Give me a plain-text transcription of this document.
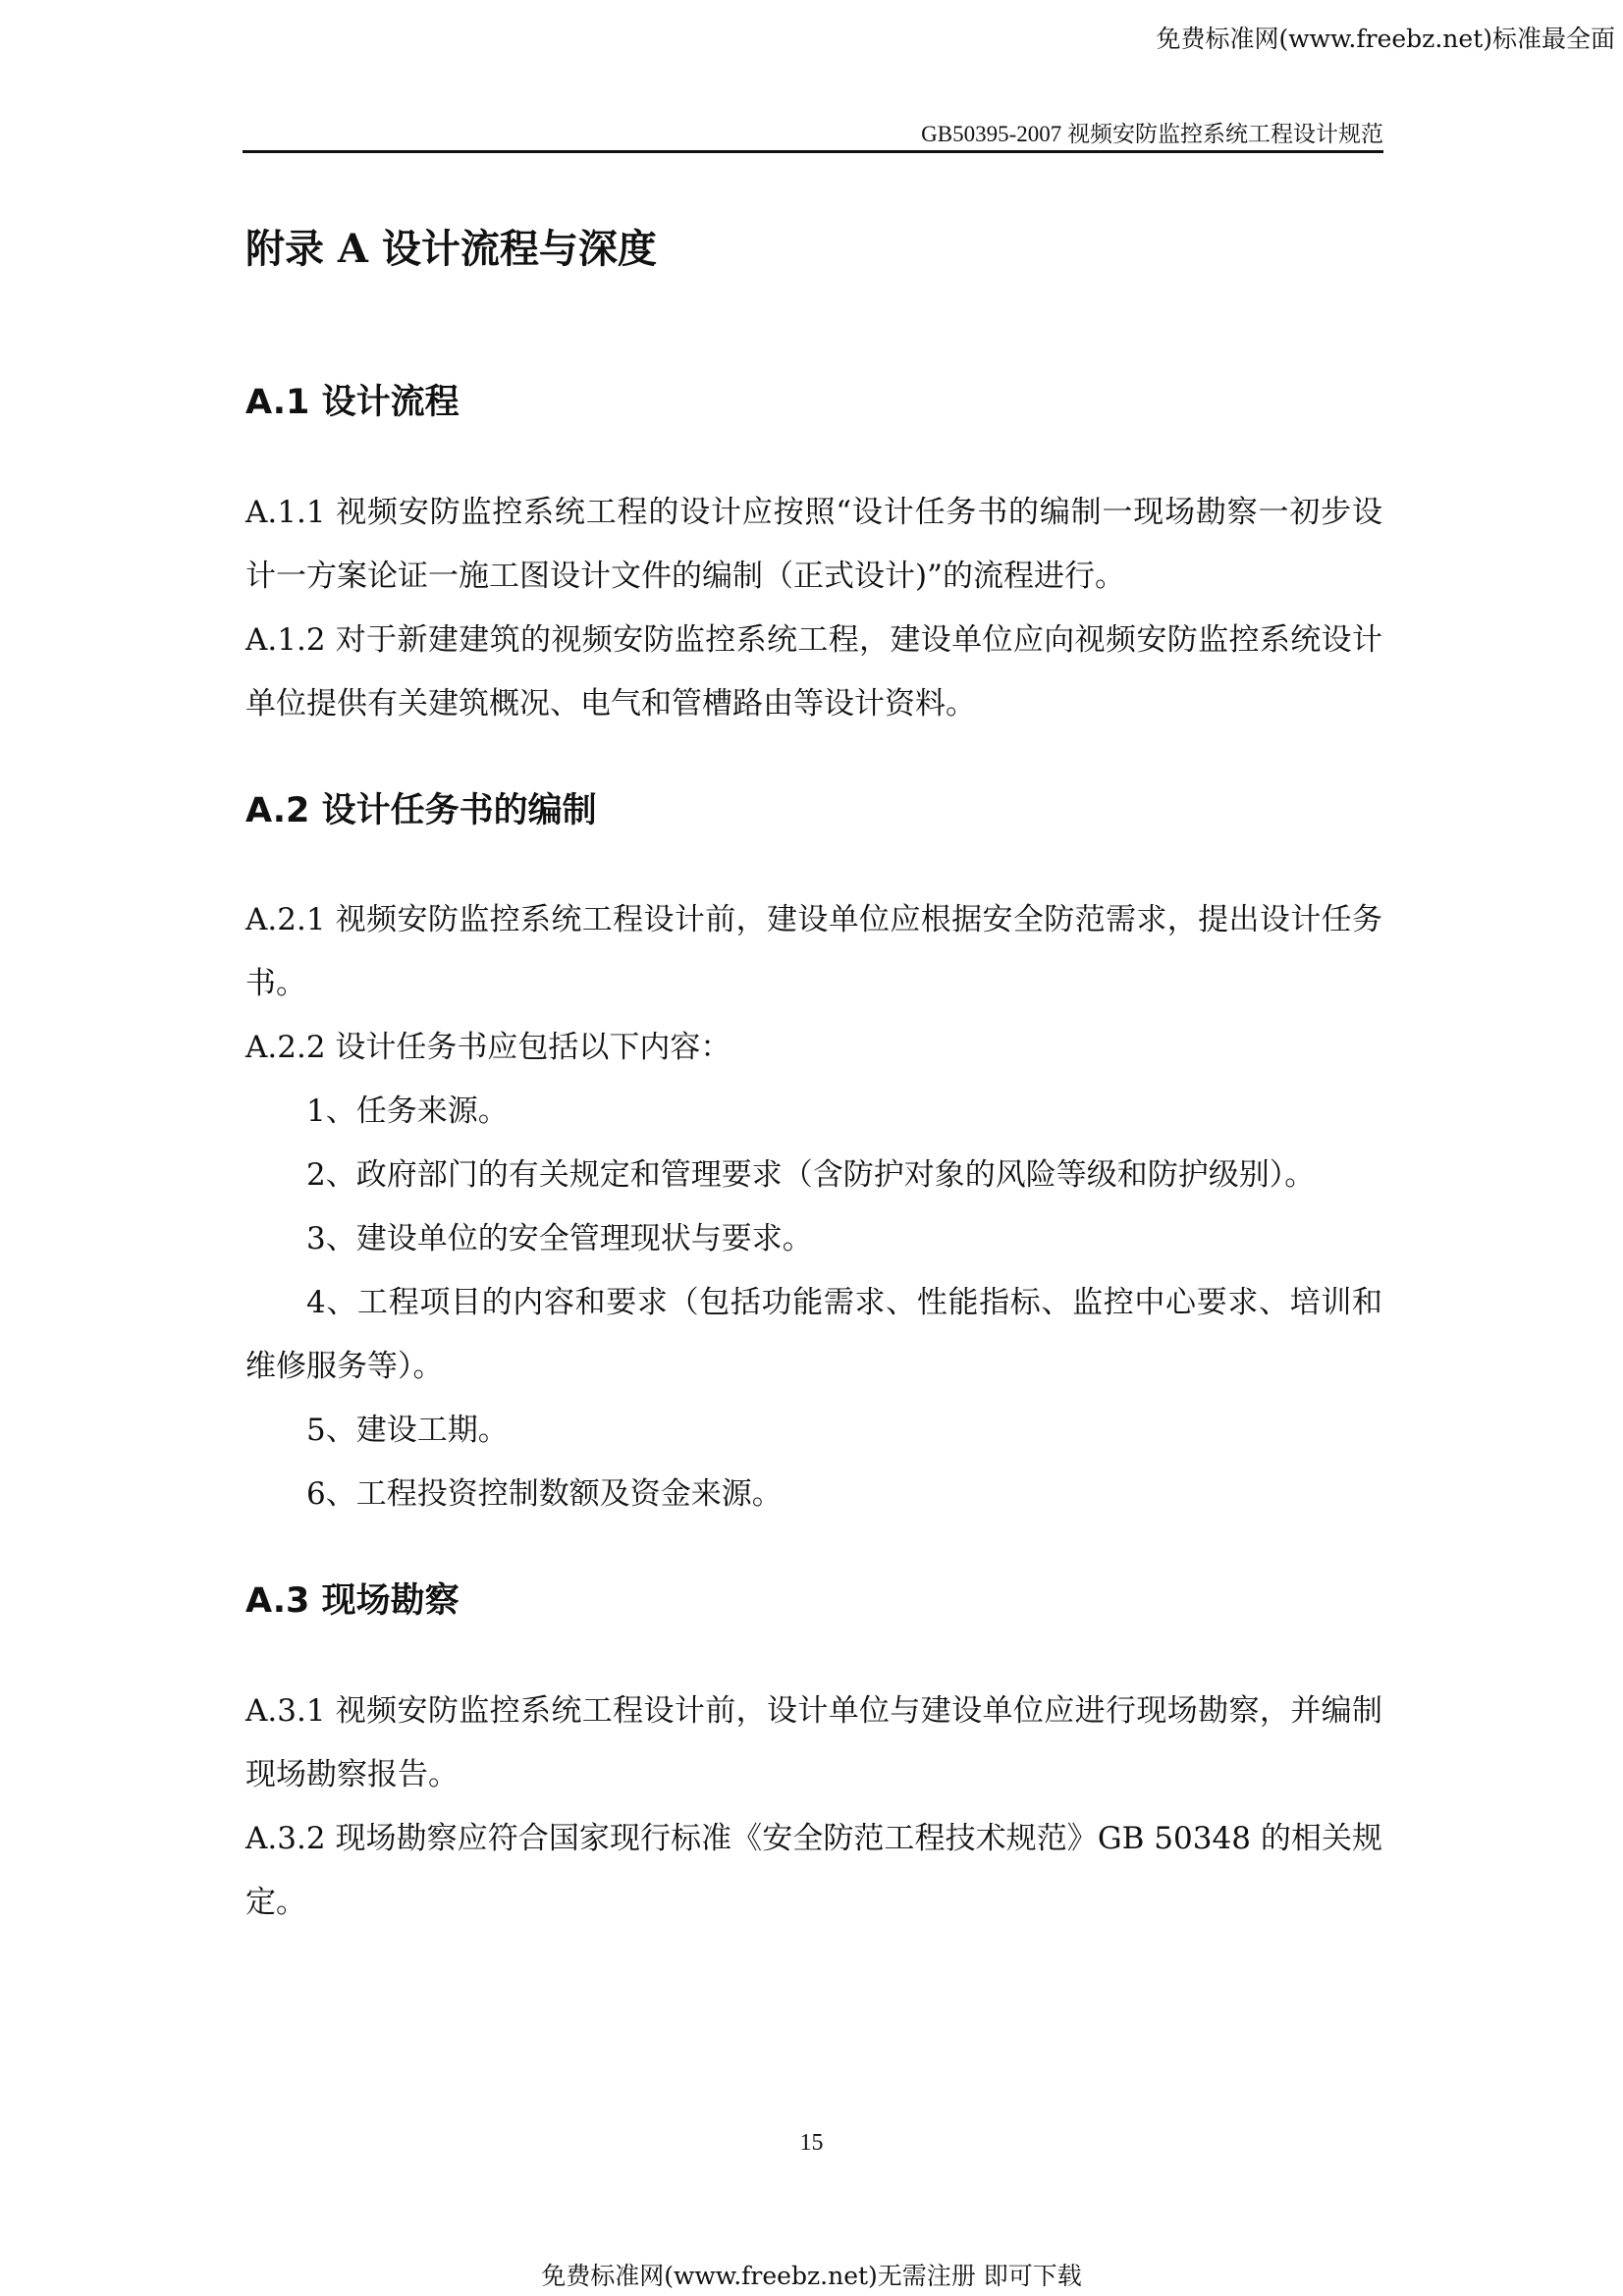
免费标准网(www.freebz.net)标准最全面
GB50395-2007 视频安防监控系统工程设计规范
附录 A 设计流程与深度
A.1 设计流程

A.1.1 视频安防监控系统工程的设计应按照“设计任务书的编制一现场勘察一初步设计一方案论证一施工图设计文件的编制（正式设计)”的流程进行。

A.1.2 对于新建建筑的视频安防监控系统工程，建设单位应向视频安防监控系统设计单位提供有关建筑概况、电气和管槽路由等设计资料。

A.2 设计任务书的编制

A.2.1 视频安防监控系统工程设计前，建设单位应根据安全防范需求，提出设计任务书。

A.2.2 设计任务书应包括以下内容：

1、任务来源。

2、政府部门的有关规定和管理要求（含防护对象的风险等级和防护级别）。

3、建设单位的安全管理现状与要求。

4、工程项目的内容和要求（包括功能需求、性能指标、监控中心要求、培训和维修服务等）。

5、建设工期。

6、工程投资控制数额及资金来源。

A.3 现场勘察

A.3.1 视频安防监控系统工程设计前，设计单位与建设单位应进行现场勘察，并编制现场勘察报告。

A.3.2 现场勘察应符合国家现行标准《安全防范工程技术规范》GB 50348 的相关规定。

15
免费标准网(www.freebz.net)无需注册 即可下载
